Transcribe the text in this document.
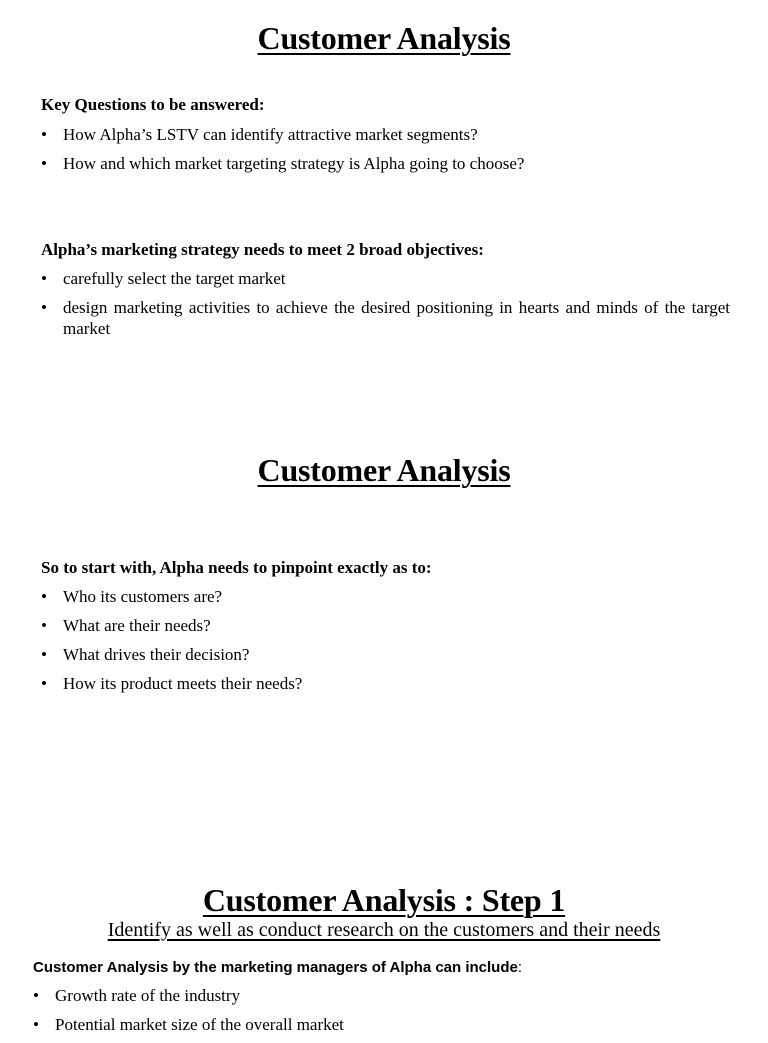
Customer Analysis
Key Questions to be answered:
• How Alpha’s LSTV can identify attractive market segments?
• How and which market targeting strategy is Alpha going to choose?
Alpha’s marketing strategy needs to meet 2 broad objectives:
• carefully select the target market
• design marketing activities to achieve the desired positioning in hearts and minds of the target market
Customer Analysis
So to start with, Alpha needs to pinpoint exactly as to:
• Who its customers are?
• What are their needs?
• What drives their decision?
• How its product meets their needs?
Customer Analysis : Step 1
Identify as well as conduct research on the customers and their needs
Customer Analysis by the marketing managers of Alpha can include:
• Growth rate of the industry
• Potential market size of the overall market
